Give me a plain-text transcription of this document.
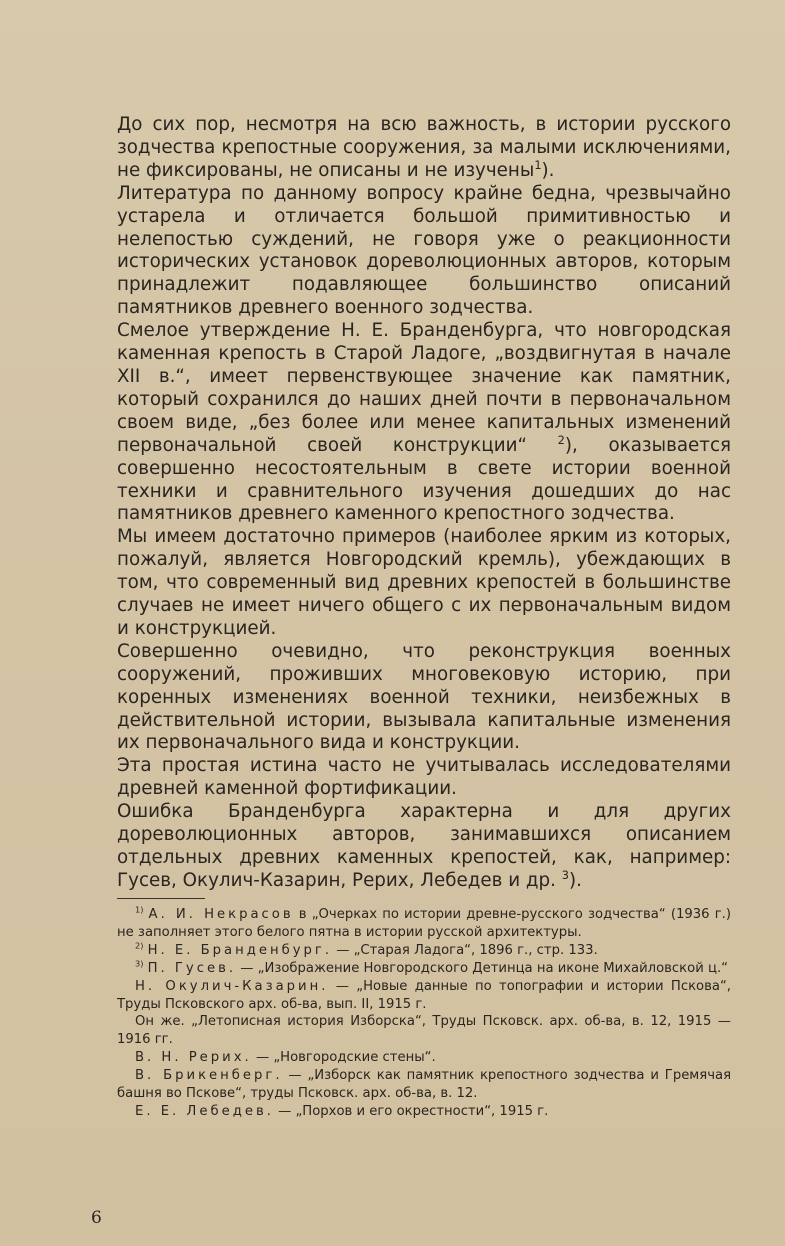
До сих пор, несмотря на всю важность, в истории русского зодчества крепостные сооружения, за малыми исключениями, не фиксированы, не описаны и не изучены$^1$).

Литература по данному вопросу крайне бедна, чрезвычайно устарела и отличается большой примитивностью и нелепостью суждений, не говоря уже о реакционности исторических установок дореволюционных авторов, которым принадлежит подавляющее большинство описаний памятников древнего военного зодчества.

Смелое утверждение Н. Е. Бранденбурга, что новгородская каменная крепость в Старой Ладоге, „воздвигнутая в начале XII в.“, имеет первенствующее значение как памятник, который сохранился до наших дней почти в первоначальном своем виде, „без более или менее капитальных изменений первоначальной своей конструкции“	$^2$), оказывается совершенно несостоятельным в свете истории военной техники и сравнительного изучения дошедших до нас памятников древнего каменного крепостного зодчества.

Мы имеем достаточно примеров (наиболее ярким из которых, пожалуй, является Новгородский кремль), убеждающих в том, что современный вид древних крепостей в большинстве случаев не имеет ничего общего с их первоначальным видом и конструкцией.

Совершенно очевидно, что реконструкция военных сооружений, проживших многовековую историю, при коренных изменениях военной техники, неизбежных в действительной истории, вызывала капитальные изменения их первоначального вида и конструкции.

Эта простая истина часто не учитывалась исследователями древней каменной фортификации.

Ошибка Бранденбурга характерна и для других дореволюционных авторов, занимавшихся описанием отдельных древних каменных крепостей, как, например: Гусев, Окулич-Казарин, Рерих, Лебедев и др. $^3$).

$^{1)}$ А. И. Некрасов в „Очерках по истории древне-русского зодчества“ (1936 г.) не заполняет этого белого пятна в истории русской архитектуры.

$^{2)}$ Н. Е. Бранденбург. — „Старая Ладога“, 1896 г., стр. 133.

$^{3)}$ П. Гусев. — „Изображение Новгородского Детинца на иконе Михайловской ц.“

Н. Окулич-Казарин. — „Новые данные по топографии и истории Пскова“, Труды Псковского арх. об-ва, вып. II, 1915 г.

Он же. „Летописная история Изборска“, Труды Псковск. арх. об-ва, в. 12, 1915 — 1916 гг.

В. Н. Рерих. — „Новгородские стены“.

В. Брикенберг. — „Изборск как памятник крепостного зодчества и Гремячая башня во Пскове“, труды Псковск. арх. об-ва, в. 12.

Е. Е. Лебедев. — „Порхов и его окрестности“, 1915 г.

6
